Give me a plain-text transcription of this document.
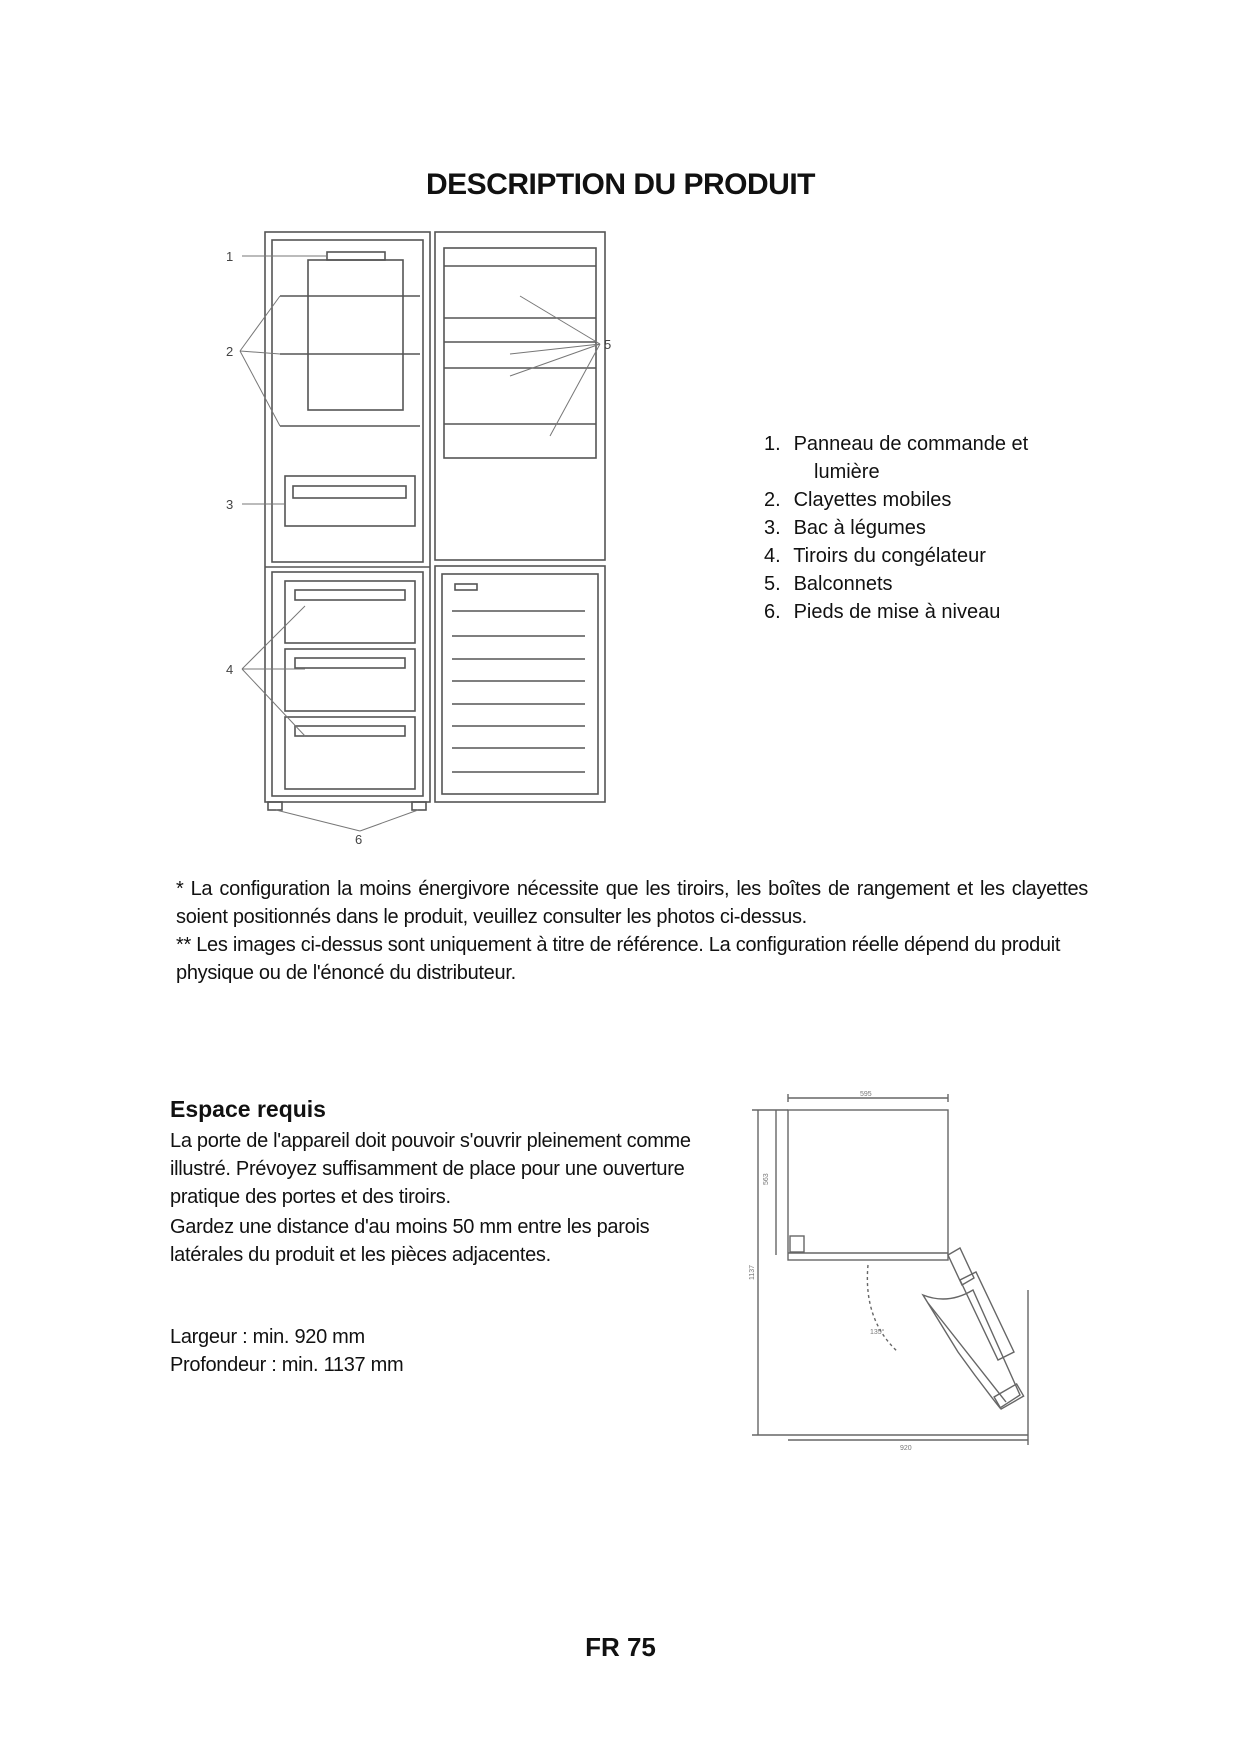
DESCRIPTION DU PRODUIT
1
2
3
4
5
6
1. Panneau de commande et
lumière
2. Clayettes mobiles
3. Bac à légumes
4. Tiroirs du congélateur
5. Balconnets
6. Pieds de mise à niveau

* La configuration la moins énergivore nécessite que les tiroirs, les boîtes de rangement et les clayettes soient positionnés dans le produit, veuillez consulter les photos ci-dessus.

** Les images ci-dessus sont uniquement à titre de référence. La configuration réelle dépend du produit physique ou de l'énoncé du distributeur.

Espace requis

La porte de l'appareil doit pouvoir s'ouvrir pleinement comme illustré. Prévoyez suffisamment de place pour une ouverture pratique des portes et des tiroirs.

Gardez une distance d'au moins 50 mm entre les parois latérales du produit et les pièces adjacentes.

Largeur : min. 920 mm
Profondeur : min. 1137 mm
595
563
1137
920
135°
FR 75
